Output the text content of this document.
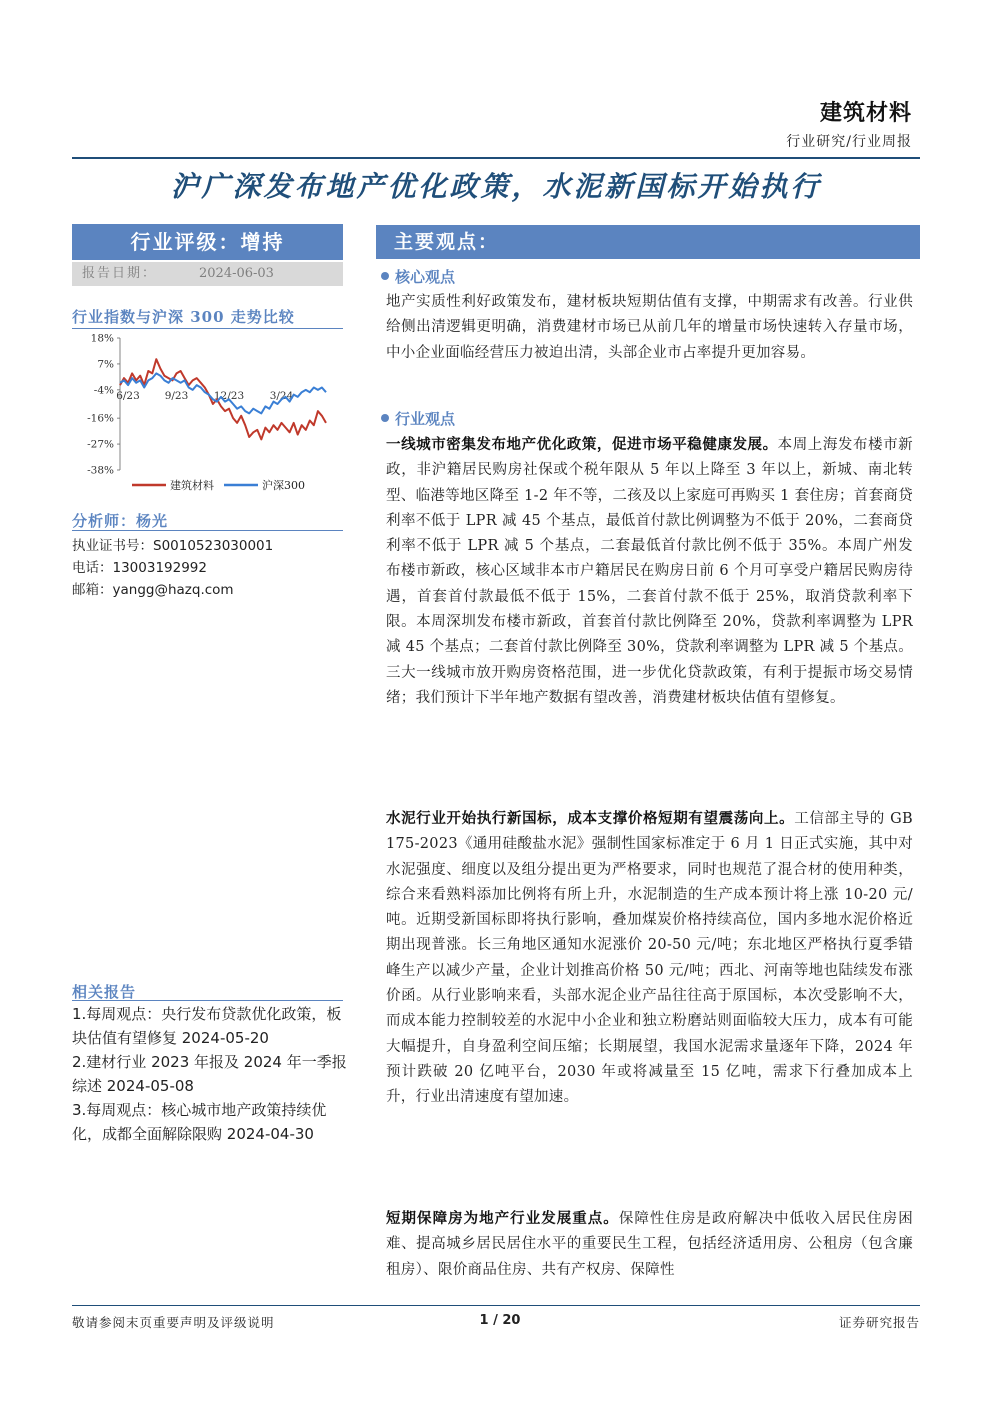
建筑材料
行业研究/行业周报
沪广深发布地产优化政策，水泥新国标开始执行
行业评级：增持
报告日期：	2024-06-03
行业指数与沪深 300 走势比较
18%
7%
-4%
-16%
-27%
-38%
6/23 9/23 12/23 3/24
建筑材料	沪深300
分析师：杨光
执业证书号：S0010523030001
电话：13003192992
邮箱：yangg@hazq.com
相关报告
1.每周观点：央行发布贷款优化政策，板块估值有望修复 2024-05-20
2.建材行业 2023 年报及 2024 年一季报综述 2024-05-08
3.每周观点：核心城市地产政策持续优化，成都全面解除限购 2024-04-30
主要观点：
核心观点
地产实质性利好政策发布，建材板块短期估值有支撑，中期需求有改善。行业供给侧出清逻辑更明确，消费建材市场已从前几年的增量市场快速转入存量市场，中小企业面临经营压力被迫出清，头部企业市占率提升更加容易。
行业观点
一线城市密集发布地产优化政策，促进市场平稳健康发展。本周上海发布楼市新政，非沪籍居民购房社保或个税年限从 5 年以上降至 3 年以上，新城、南北转型、临港等地区降至 1-2 年不等，二孩及以上家庭可再购买 1 套住房；首套商贷利率不低于 LPR 减 45 个基点，最低首付款比例调整为不低于 20%，二套商贷利率不低于 LPR 减 5 个基点，二套最低首付款比例不低于 35%。本周广州发布楼市新政，核心区域非本市户籍居民在购房日前 6 个月可享受户籍居民购房待遇，首套首付款最低不低于 15%，二套首付款不低于 25%，取消贷款利率下限。本周深圳发布楼市新政，首套首付款比例降至 20%，贷款利率调整为 LPR 减 45 个基点；二套首付款比例降至 30%，贷款利率调整为 LPR 减 5 个基点。三大一线城市放开购房资格范围，进一步优化贷款政策，有利于提振市场交易情绪；我们预计下半年地产数据有望改善，消费建材板块估值有望修复。
水泥行业开始执行新国标，成本支撑价格短期有望震荡向上。工信部主导的 GB 175-2023《通用硅酸盐水泥》强制性国家标准定于 6 月 1 日正式实施，其中对水泥强度、细度以及组分提出更为严格要求，同时也规范了混合材的使用种类，综合来看熟料添加比例将有所上升，水泥制造的生产成本预计将上涨 10-20 元/吨。近期受新国标即将执行影响，叠加煤炭价格持续高位，国内多地水泥价格近期出现普涨。长三角地区通知水泥涨价 20-50 元/吨；东北地区严格执行夏季错峰生产以减少产量，企业计划推高价格 50 元/吨；西北、河南等地也陆续发布涨价函。从行业影响来看，头部水泥企业产品往往高于原国标，本次受影响不大，而成本能力控制较差的水泥中小企业和独立粉磨站则面临较大压力，成本有可能大幅提升，自身盈利空间压缩；长期展望，我国水泥需求量逐年下降，2024 年预计跌破 20 亿吨平台，2030 年或将减量至 15 亿吨，需求下行叠加成本上升，行业出清速度有望加速。
短期保障房为地产行业发展重点。保障性住房是政府解决中低收入居民住房困难、提高城乡居民居住水平的重要民生工程，包括经济适用房、公租房（包含廉租房）、限价商品住房、共有产权房、保障性
敬请参阅末页重要声明及评级说明	1 / 20	证券研究报告
